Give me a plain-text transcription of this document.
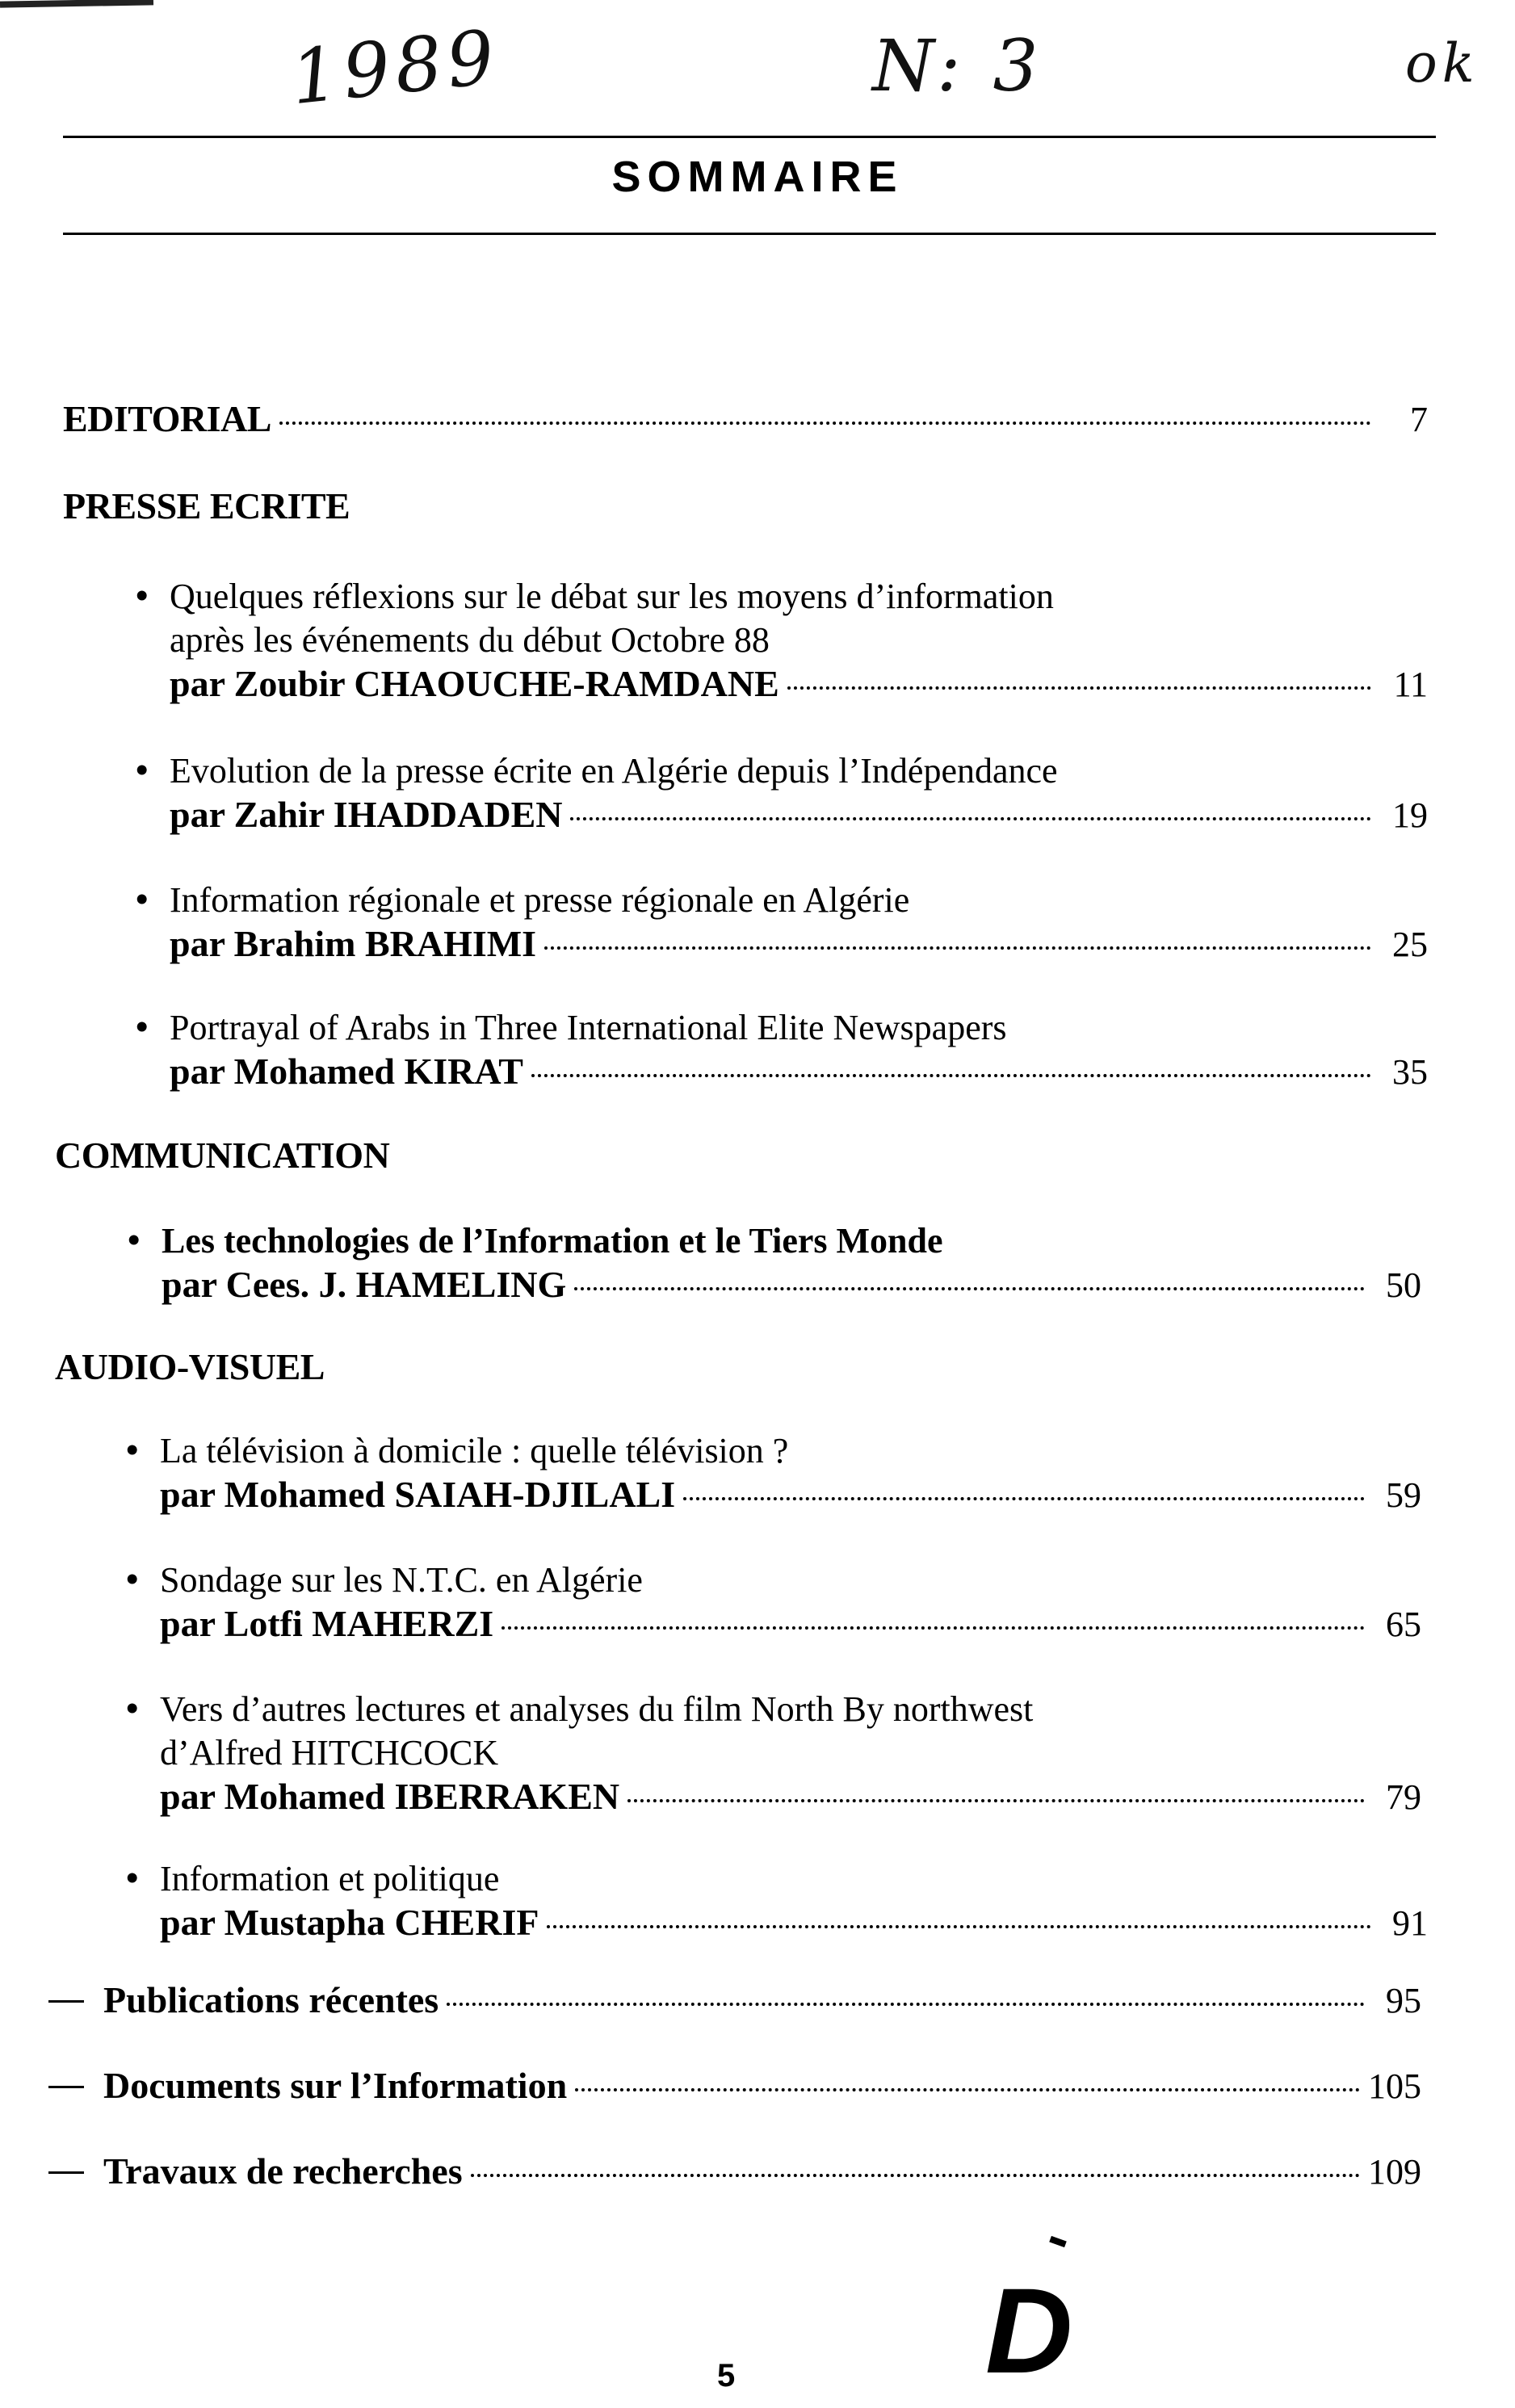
1989	N: 3	ok
SOMMAIRE
EDITORIAL	7
PRESSE ECRITE
• Quelques réflexions sur le débat sur les moyens d’information
après les événements du début Octobre 88
par Zoubir CHAOUCHE-RAMDANE	11
• Evolution de la presse écrite en Algérie depuis l’Indépendance
par Zahir IHADDADEN	19
• Information régionale et presse régionale en Algérie
par Brahim BRAHIMI	25
• Portrayal of Arabs in Three International Elite Newspapers
par Mohamed KIRAT	35
COMMUNICATION
• Les technologies de l’Information et le Tiers Monde
par Cees. J. HAMELING	50
AUDIO-VISUEL
• La télévision à domicile : quelle télévision ?
par Mohamed SAIAH-DJILALI	59
• Sondage sur les N.T.C. en Algérie
par Lotfi MAHERZI	65
• Vers d’autres lectures et analyses du film North By northwest
d’Alfred HITCHCOCK
par Mohamed IBERRAKEN	79
• Information et politique
par Mustapha CHERIF	91
Publications récentes	95
Documents sur l’Information	105
Travaux de recherches	109
5 D
